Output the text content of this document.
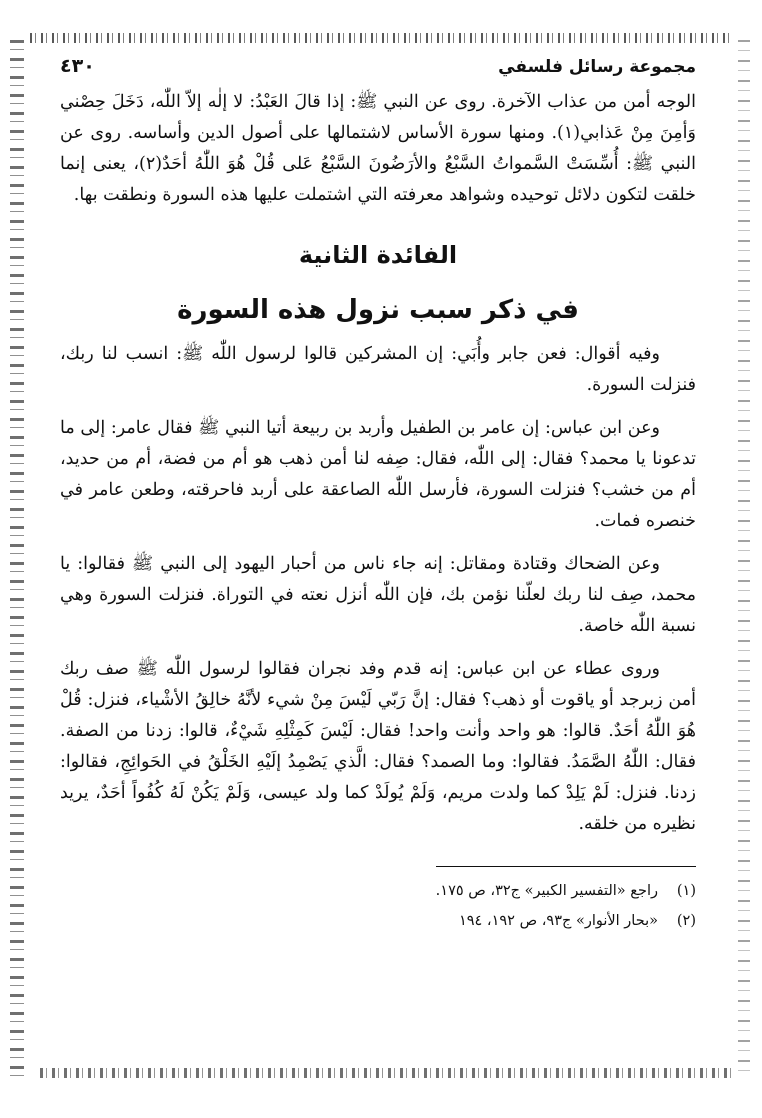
مجموعة رسائل فلسفي
٤٣٠

الوجه أمن من عذاب الآخرة. روى عن النبي ﷺ: إذا قالَ العَبْدُ: لا إلٰه إلاّ اللّٰه، دَخَلَ حِصْني وَأمِنَ مِنْ عَذابي(١). ومنها سورة الأساس لاشتمالها على أصول الدين وأساسه. روى عن النبي ﷺ: أُسِّسَتْ السَّمواتُ السَّبْعُ والأرَضُونَ السَّبْعُ عَلى قُلْ هُوَ اللّٰهُ أحَدٌ(٢)، يعنى إنما خلقت لتكون دلائل توحيده وشواهد معرفته التي اشتملت عليها هذه السورة ونطقت بها.

الفائدة الثانية
في ذكر سبب نزول هذه السورة

وفيه أقوال: فعن جابر وأُبَي: إن المشركين قالوا لرسول اللّٰه ﷺ: انسب لنا ربك، فنزلت السورة.

وعن ابن عباس: إن عامر بن الطفيل وأربد بن ربيعة أتيا النبي ﷺ فقال عامر: إلى ما تدعونا يا محمد؟ فقال: إلى اللّٰه، فقال: صِفه لنا أمن ذهب هو أم من فضة، أم من حديد، أم من خشب؟ فنزلت السورة، فأرسل اللّٰه الصاعقة على أربد فاحرقته، وطعن عامر في خنصره فمات.

وعن الضحاك وقتادة ومقاتل: إنه جاء ناس من أحبار اليهود إلى النبي ﷺ فقالوا: يا محمد، صِف لنا ربك لعلّنا نؤمن بك، فإن اللّٰه أنزل نعته في التوراة. فنزلت السورة وهي نسبة اللّٰه خاصة.

وروى عطاء عن ابن عباس: إنه قدم وفد نجران فقالوا لرسول اللّٰه ﷺ صف ربك أمن زبرجد أو ياقوت أو ذهب؟ فقال: إنَّ رَبّي لَيْسَ مِنْ شيء لأنَّهُ خالِقُ الأشْياء، فنزل: قُلْ هُوَ اللّٰهُ أحَدٌ. قالوا: هو واحد وأنت واحد! فقال: لَيْسَ كَمِثْلِهِ شَيْءٌ، قالوا: زدنا من الصفة. فقال: اللّٰهُ الصَّمَدُ. فقالوا: وما الصمد؟ فقال: الَّذي يَصْمِدُ إلَيْهِ الخَلْقُ في الحَوائِجِ، فقالوا: زدنا. فنزل: لَمْ يَلِدْ كما ولدت مريم، وَلَمْ يُولَدْ كما ولد عيسى، وَلَمْ يَكُنْ لَهُ كُفُواً أحَدٌ، يريد نظيره من خلقه.

(١)
راجع «التفسير الكبير» ج٣٢، ص ١٧٥.
(٢)
«بحار الأنوار» ج٩٣، ص ١٩٢، ١٩٤
